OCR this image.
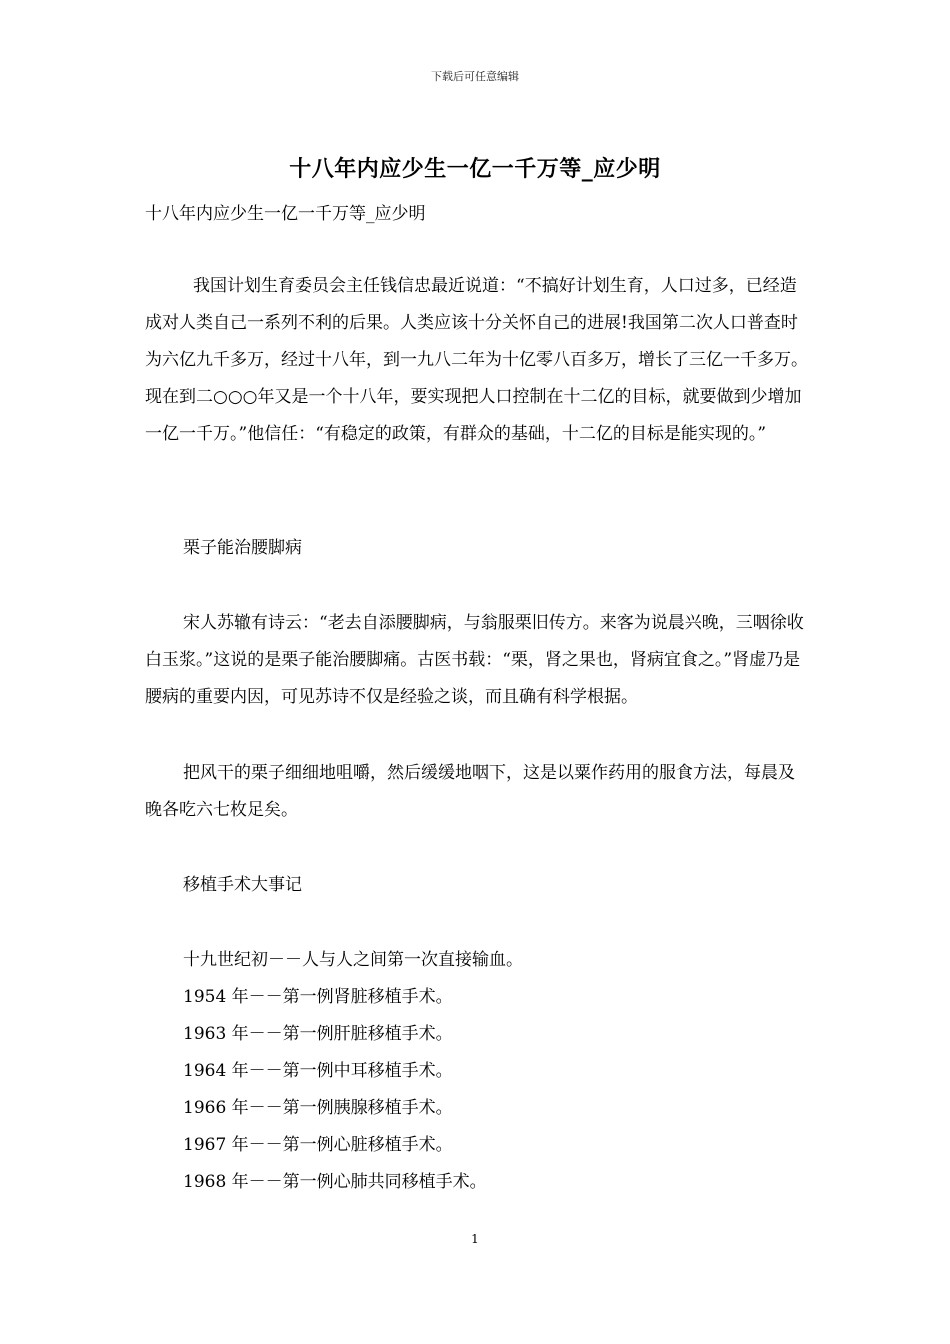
下载后可任意编辑
十八年内应少生一亿一千万等_应少明
十八年内应少生一亿一千万等_应少明
我国计划生育委员会主任钱信忠最近说道：“不搞好计划生育，人口过多，已经造成对人类自己一系列不利的后果。人类应该十分关怀自己的进展!我国第二次人口普查时为六亿九千多万，经过十八年，到一九八二年为十亿零八百多万，增长了三亿一千多万。现在到二○○○年又是一个十八年，要实现把人口控制在十二亿的目标，就要做到少增加一亿一千万。”他信任：“有稳定的政策，有群众的基础，十二亿的目标是能实现的。”
栗子能治腰脚病
宋人苏辙有诗云：“老去自添腰脚病，与翁服栗旧传方。来客为说晨兴晚，三咽徐收白玉浆。”这说的是栗子能治腰脚痛。古医书载：“栗，肾之果也，肾病宜食之。”肾虚乃是腰病的重要内因，可见苏诗不仅是经验之谈，而且确有科学根据。
把风干的栗子细细地咀嚼，然后缓缓地咽下，这是以粟作药用的服食方法，每晨及晚各吃六七枚足矣。
移植手术大事记
十九世纪初－－人与人之间第一次直接输血。
1954 年－－第一例肾脏移植手术。
1963 年－－第一例肝脏移植手术。
1964 年－－第一例中耳移植手术。
1966 年－－第一例胰腺移植手术。
1967 年－－第一例心脏移植手术。
1968 年－－第一例心肺共同移植手术。
1
